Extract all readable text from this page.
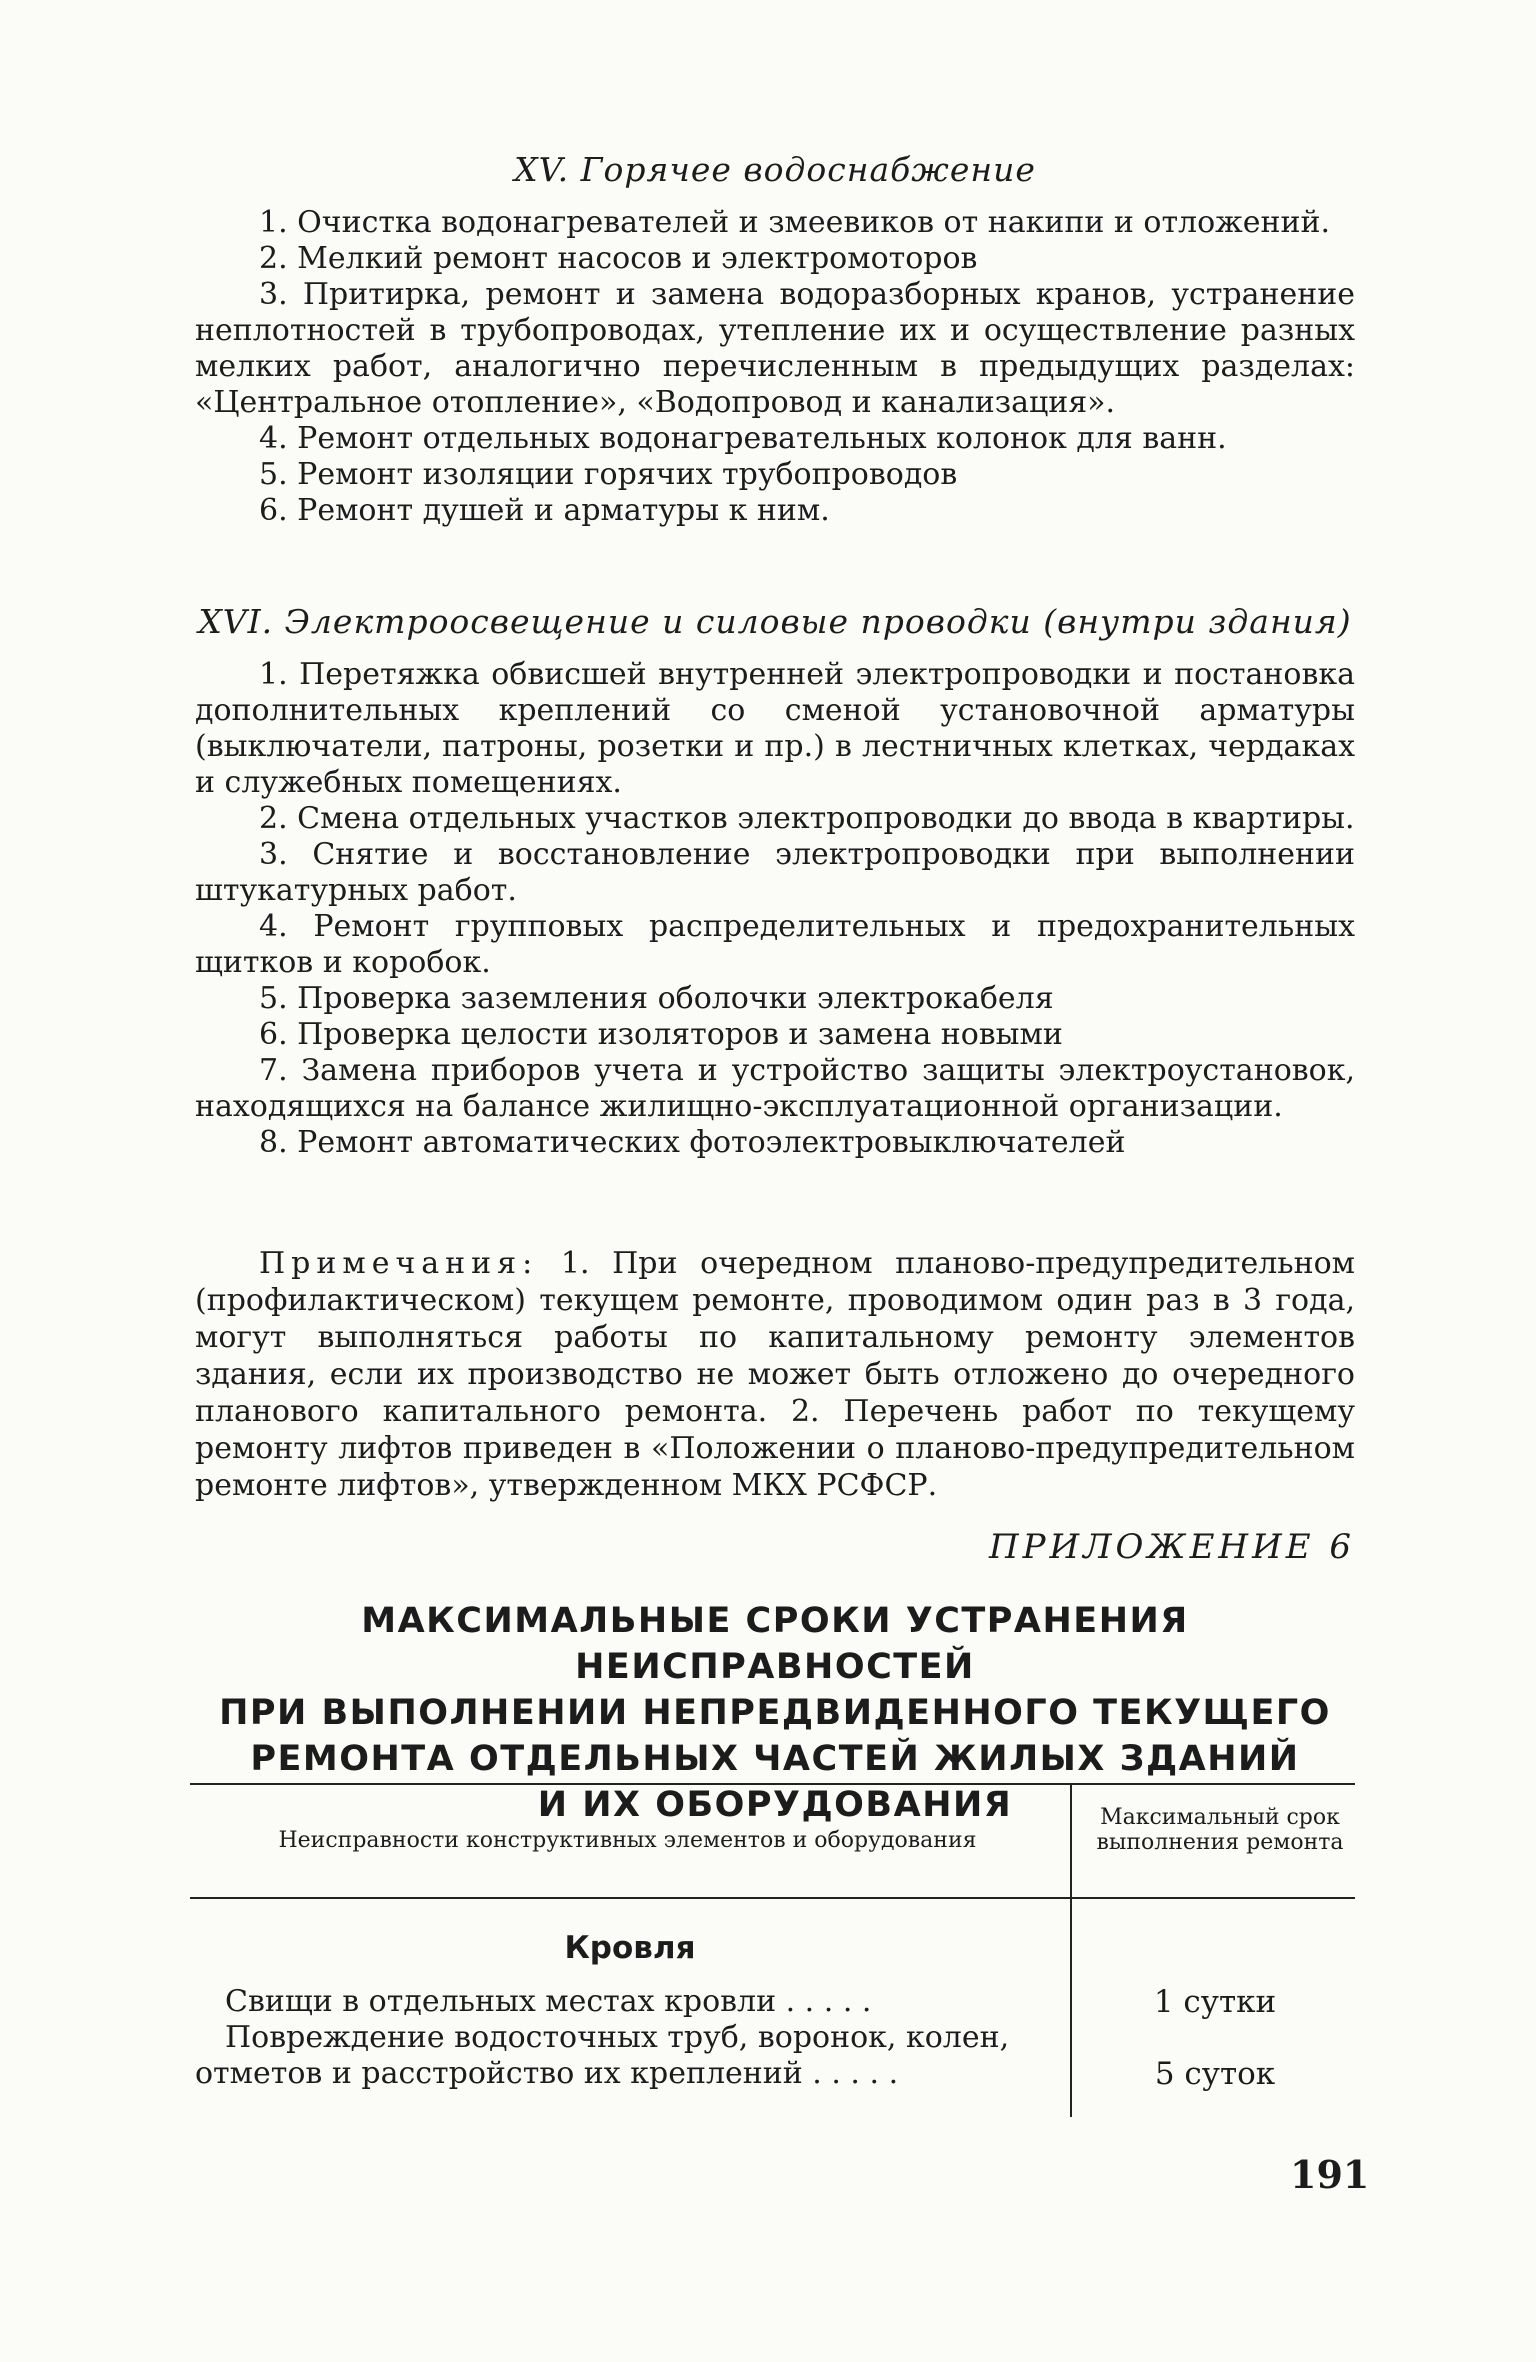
XV. Горячее водоснабжение

1. Очистка водонагревателей и змеевиков от накипи и отложений.

2. Мелкий ремонт насосов и электромоторов

3. Притирка, ремонт и замена водоразборных кранов, устранение неплотностей в трубопроводах, утепление их и осуществление разных мелких работ, аналогично перечисленным в предыдущих разделах: «Центральное отопление», «Водопровод и канализация».

4. Ремонт отдельных водонагревательных колонок для ванн.

5. Ремонт изоляции горячих трубопроводов

6. Ремонт душей и арматуры к ним.

XVI. Электроосвещение и силовые проводки (внутри здания)

1. Перетяжка обвисшей внутренней электропроводки и постановка дополнительных креплений со сменой установочной арматуры (выключатели, патроны, розетки и пр.) в лестничных клетках, чердаках и служебных помещениях.

2. Смена отдельных участков электропроводки до ввода в квартиры.

3. Снятие и восстановление электропроводки при выполнении штукатурных работ.

4. Ремонт групповых распределительных и предохранительных щитков и коробок.

5. Проверка заземления оболочки электрокабеля

6. Проверка целости изоляторов и замена новыми

7. Замена приборов учета и устройство защиты электроустановок, находящихся на балансе жилищно-эксплуатационной организации.

8. Ремонт автоматических фотоэлектровыключателей

Примечания: 1. При очередном планово-предупредительном (профилактическом) текущем ремонте, проводимом один раз в 3 года, могут выполняться работы по капитальному ремонту элементов здания, если их производство не может быть отложено до очередного планового капитального ремонта. 2. Перечень работ по текущему ремонту лифтов приведен в «Положении о планово-предупредительном ремонте лифтов», утвержденном МКХ РСФСР.

ПРИЛОЖЕНИЕ 6
МАКСИМАЛЬНЫЕ СРОКИ УСТРАНЕНИЯ НЕИСПРАВНОСТЕЙ
ПРИ ВЫПОЛНЕНИИ НЕПРЕДВИДЕННОГО ТЕКУЩЕГО
РЕМОНТА ОТДЕЛЬНЫХ ЧАСТЕЙ ЖИЛЫХ ЗДАНИЙ
И ИХ ОБОРУДОВАНИЯ
Неисправности конструктивных элементов и оборудования
Максимальный срок выполнения ремонта
Кровля

Свищи в отдельных местах кровли . . . . .	1 сутки

Повреждение водосточных труб, воронок, колен,

отметов и расстройство их креплений . . . . .	5 суток
191
